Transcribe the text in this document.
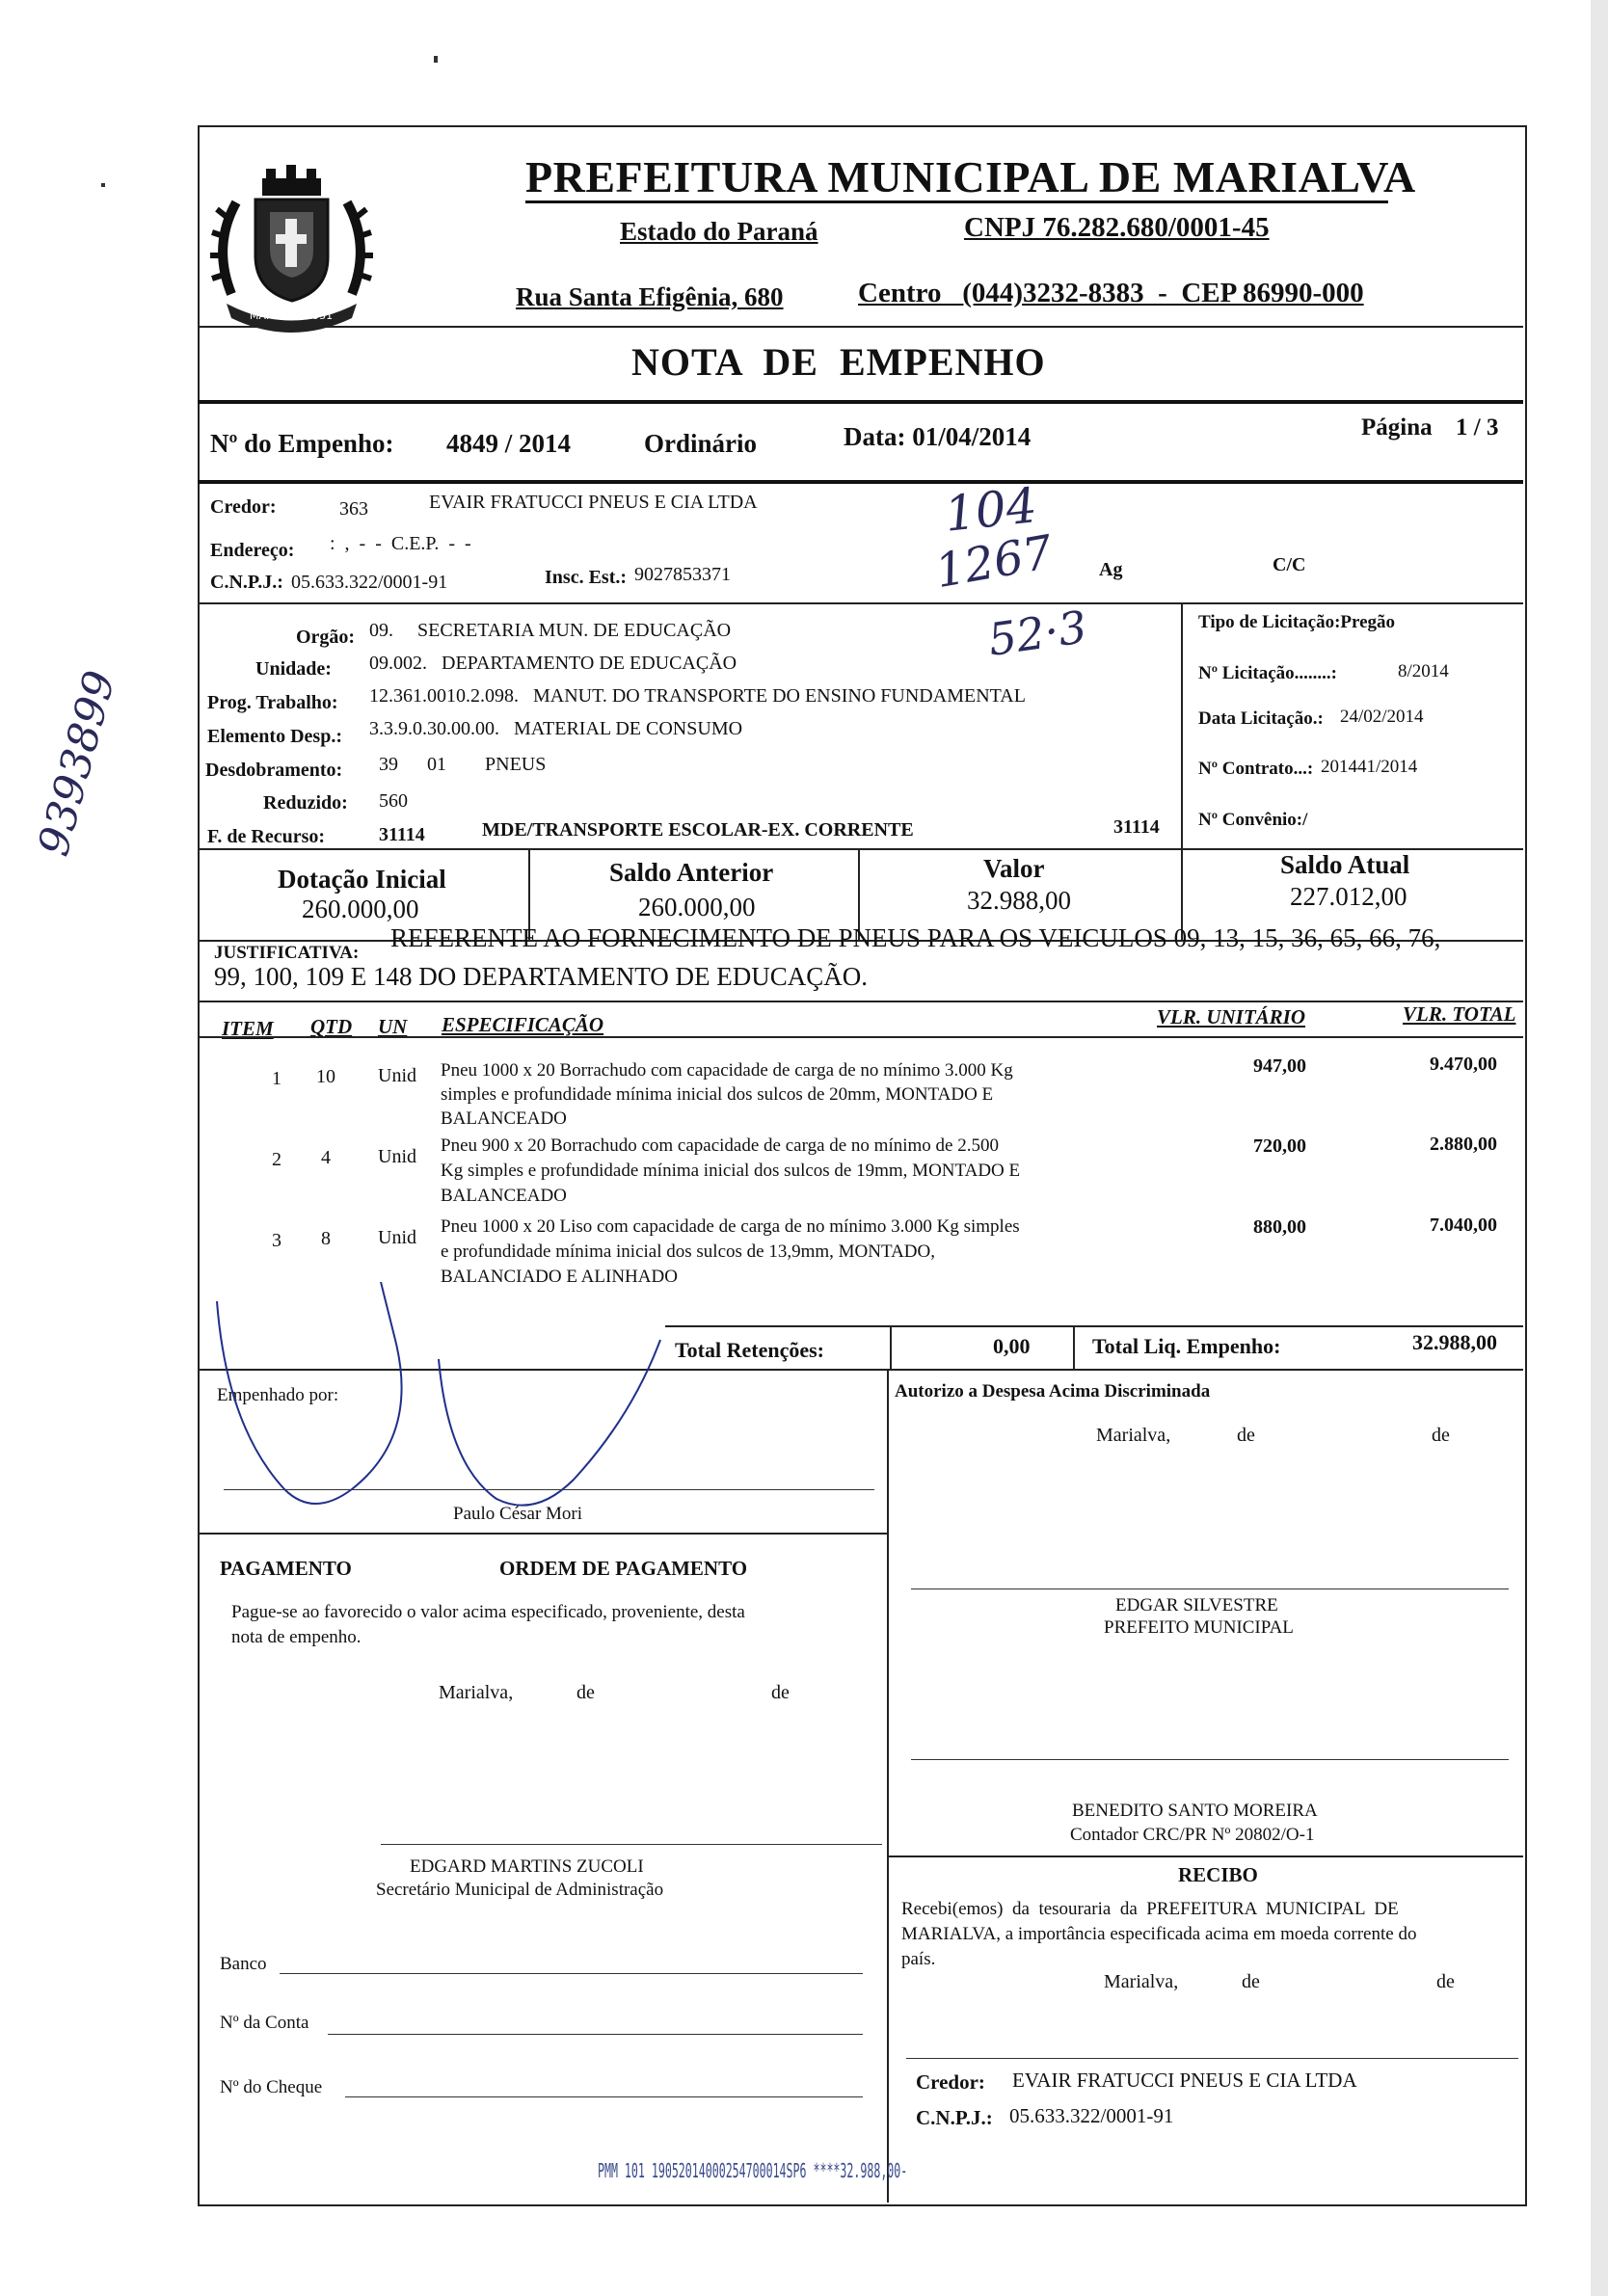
MARIALVA 1951
PREFEITURA MUNICIPAL DE MARIALVA
Estado do Paraná	CNPJ 76.282.680/0001-45
Rua Santa Efigênia, 680	Centro   (044)3232-8383  -  CEP 86990-000
NOTA  DE  EMPENHO
Nº do Empenho: 4849 / 2014	Ordinário	Data: 01/04/2014	Página 1 / 3
Credor:	363	EVAIR FRATUCCI PNEUS E CIA LTDA
Endereço: :  ,  -  -  C.E.P.  -  -
C.N.P.J.: 05.633.322/0001-91	Insc. Est.: 9027853371	Ag	C/C
104
1267
52·3
9393899
Orgão: 09.     SECRETARIA MUN. DE EDUCAÇÃO
Unidade: 09.002.   DEPARTAMENTO DE EDUCAÇÃO
Prog. Trabalho: 12.361.0010.2.098.   MANUT. DO TRANSPORTE DO ENSINO FUNDAMENTAL
Elemento Desp.: 3.3.9.0.30.00.00.   MATERIAL DE CONSUMO
Desdobramento: 39      01        PNEUS
Reduzido: 560
F. de Recurso:	31114	MDE/TRANSPORTE ESCOLAR-EX. CORRENTE	31114
Tipo de Licitação:Pregão
Nº Licitação........:	8/2014
Data Licitação.: 24/02/2014
Nº Contrato...: 201441/2014
Nº Convênio:/
Dotação Inicial
260.000,00
Saldo Anterior
260.000,00
Valor
32.988,00
Saldo Atual
227.012,00
JUSTIFICATIVA:
REFERENTE AO FORNECIMENTO DE PNEUS PARA OS VEICULOS 09, 13, 15, 36, 65, 66, 76,
99, 100, 109 E 148 DO DEPARTAMENTO DE EDUCAÇÃO.
ITEM QTD UN ESPECIFICAÇÃO	VLR. UNITÁRIO	VLR. TOTAL
1 10 Unid Pneu 1000 x 20 Borrachudo com capacidade de carga de no mínimo 3.000 Kg
simples e profundidade mínima inicial dos sulcos de 20mm, MONTADO E
BALANCEADO
947,00	9.470,00
2 4 Unid
Pneu 900 x 20 Borrachudo com capacidade de carga de no mínimo de 2.500
Kg simples e profundidade mínima inicial dos sulcos de 19mm, MONTADO E
BALANCEADO
720,00	2.880,00
3 8 Unid
Pneu 1000 x 20 Liso com capacidade de carga de no mínimo 3.000 Kg simples
e profundidade mínima inicial dos sulcos de 13,9mm, MONTADO,
BALANCIADO E ALINHADO
880,00	7.040,00
Total Retenções:	0,00	Total Liq. Empenho:	32.988,00
Empenhado por:
Paulo César Mori
Autorizo a Despesa Acima Discriminada
Marialva,	de	de
PAGAMENTO	ORDEM DE PAGAMENTO
Pague-se ao favorecido o valor acima especificado, proveniente, desta
nota de empenho.
Marialva,	de	de
EDGARD MARTINS ZUCOLI
Secretário Municipal de Administração
Banco
Nº da Conta
Nº do Cheque
EDGAR SILVESTRE
PREFEITO MUNICIPAL
BENEDITO SANTO MOREIRA
Contador CRC/PR Nº 20802/O-1
RECIBO
Recebi(emos)  da  tesouraria  da  PREFEITURA  MUNICIPAL  DE
MARIALVA, a importância especificada acima em moeda corrente do
país.
Marialva,	de	de
Credor: EVAIR FRATUCCI PNEUS E CIA LTDA
C.N.P.J.: 05.633.322/0001-91
PMM 101 19052014000254700014SP6 ****32.988,00-
